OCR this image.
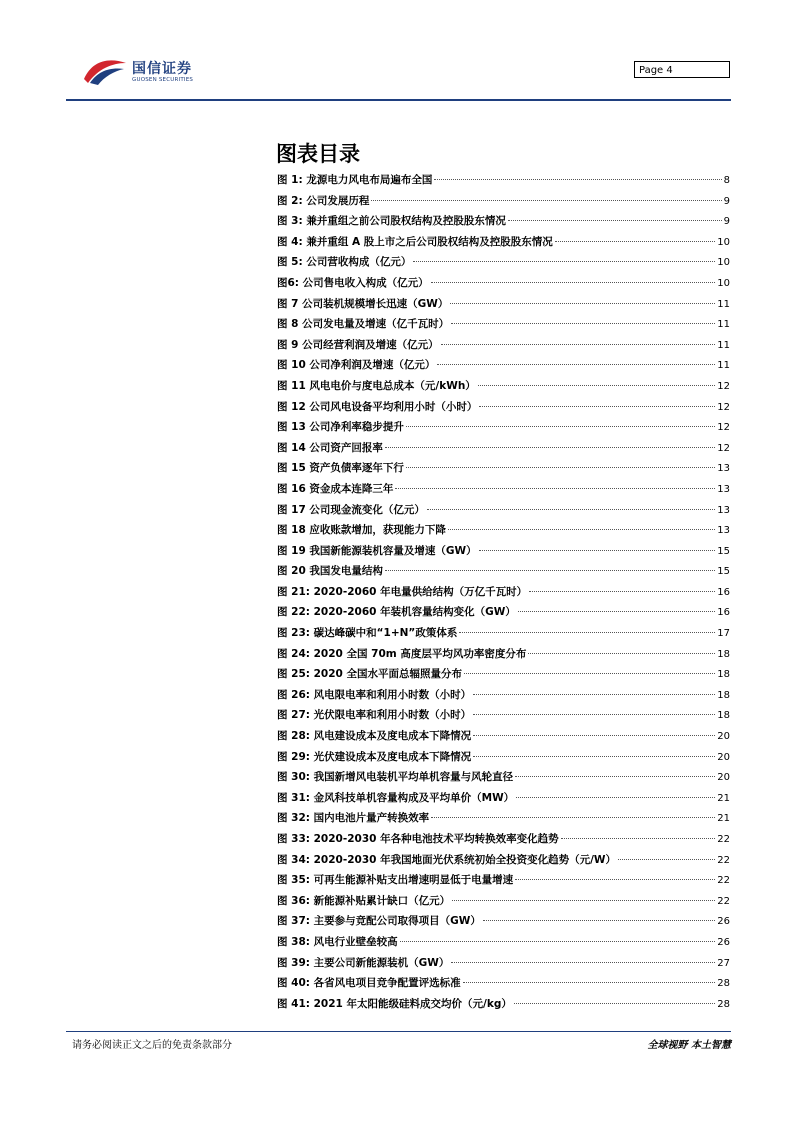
国信证券
GUOSEN SECURITIES
Page 4
图表目录
图 1: 龙源电力风电布局遍布全国	8
图 2: 公司发展历程	9
图 3: 兼并重组之前公司股权结构及控股股东情况	9
图 4: 兼并重组 A 股上市之后公司股权结构及控股股东情况	10
图 5: 公司营收构成（亿元）	10
图6: 公司售电收入构成（亿元）	10
图 7 公司装机规模增长迅速（GW）	11
图 8 公司发电量及增速（亿千瓦时）	11
图 9 公司经营利润及增速（亿元）	11
图 10 公司净利润及增速（亿元）	11
图 11 风电电价与度电总成本（元/kWh）	12
图 12 公司风电设备平均利用小时（小时）	12
图 13 公司净利率稳步提升	12
图 14 公司资产回报率	12
图 15 资产负债率逐年下行	13
图 16 资金成本连降三年	13
图 17 公司现金流变化（亿元）	13
图 18 应收账款增加，获现能力下降	13
图 19 我国新能源装机容量及增速（GW）	15
图 20 我国发电量结构	15
图 21: 2020-2060 年电量供给结构（万亿千瓦时）	16
图 22: 2020-2060 年装机容量结构变化（GW）	16
图 23: 碳达峰碳中和“1+N”政策体系	17
图 24: 2020 全国 70m 高度层平均风功率密度分布	18
图 25: 2020 全国水平面总辐照量分布	18
图 26: 风电限电率和利用小时数（小时）	18
图 27: 光伏限电率和利用小时数（小时）	18
图 28: 风电建设成本及度电成本下降情况	20
图 29: 光伏建设成本及度电成本下降情况	20
图 30: 我国新增风电装机平均单机容量与风轮直径	20
图 31: 金风科技单机容量构成及平均单价（MW）	21
图 32: 国内电池片量产转换效率	21
图 33: 2020-2030 年各种电池技术平均转换效率变化趋势	22
图 34: 2020-2030 年我国地面光伏系统初始全投资变化趋势（元/W）	22
图 35: 可再生能源补贴支出增速明显低于电量增速	22
图 36: 新能源补贴累计缺口（亿元）	22
图 37: 主要参与竞配公司取得项目（GW）	26
图 38: 风电行业壁垒较高	26
图 39: 主要公司新能源装机（GW）	27
图 40: 各省风电项目竞争配置评选标准	28
图 41: 2021 年太阳能级硅料成交均价（元/kg）	28
请务必阅读正文之后的免责条款部分	全球视野 本土智慧
